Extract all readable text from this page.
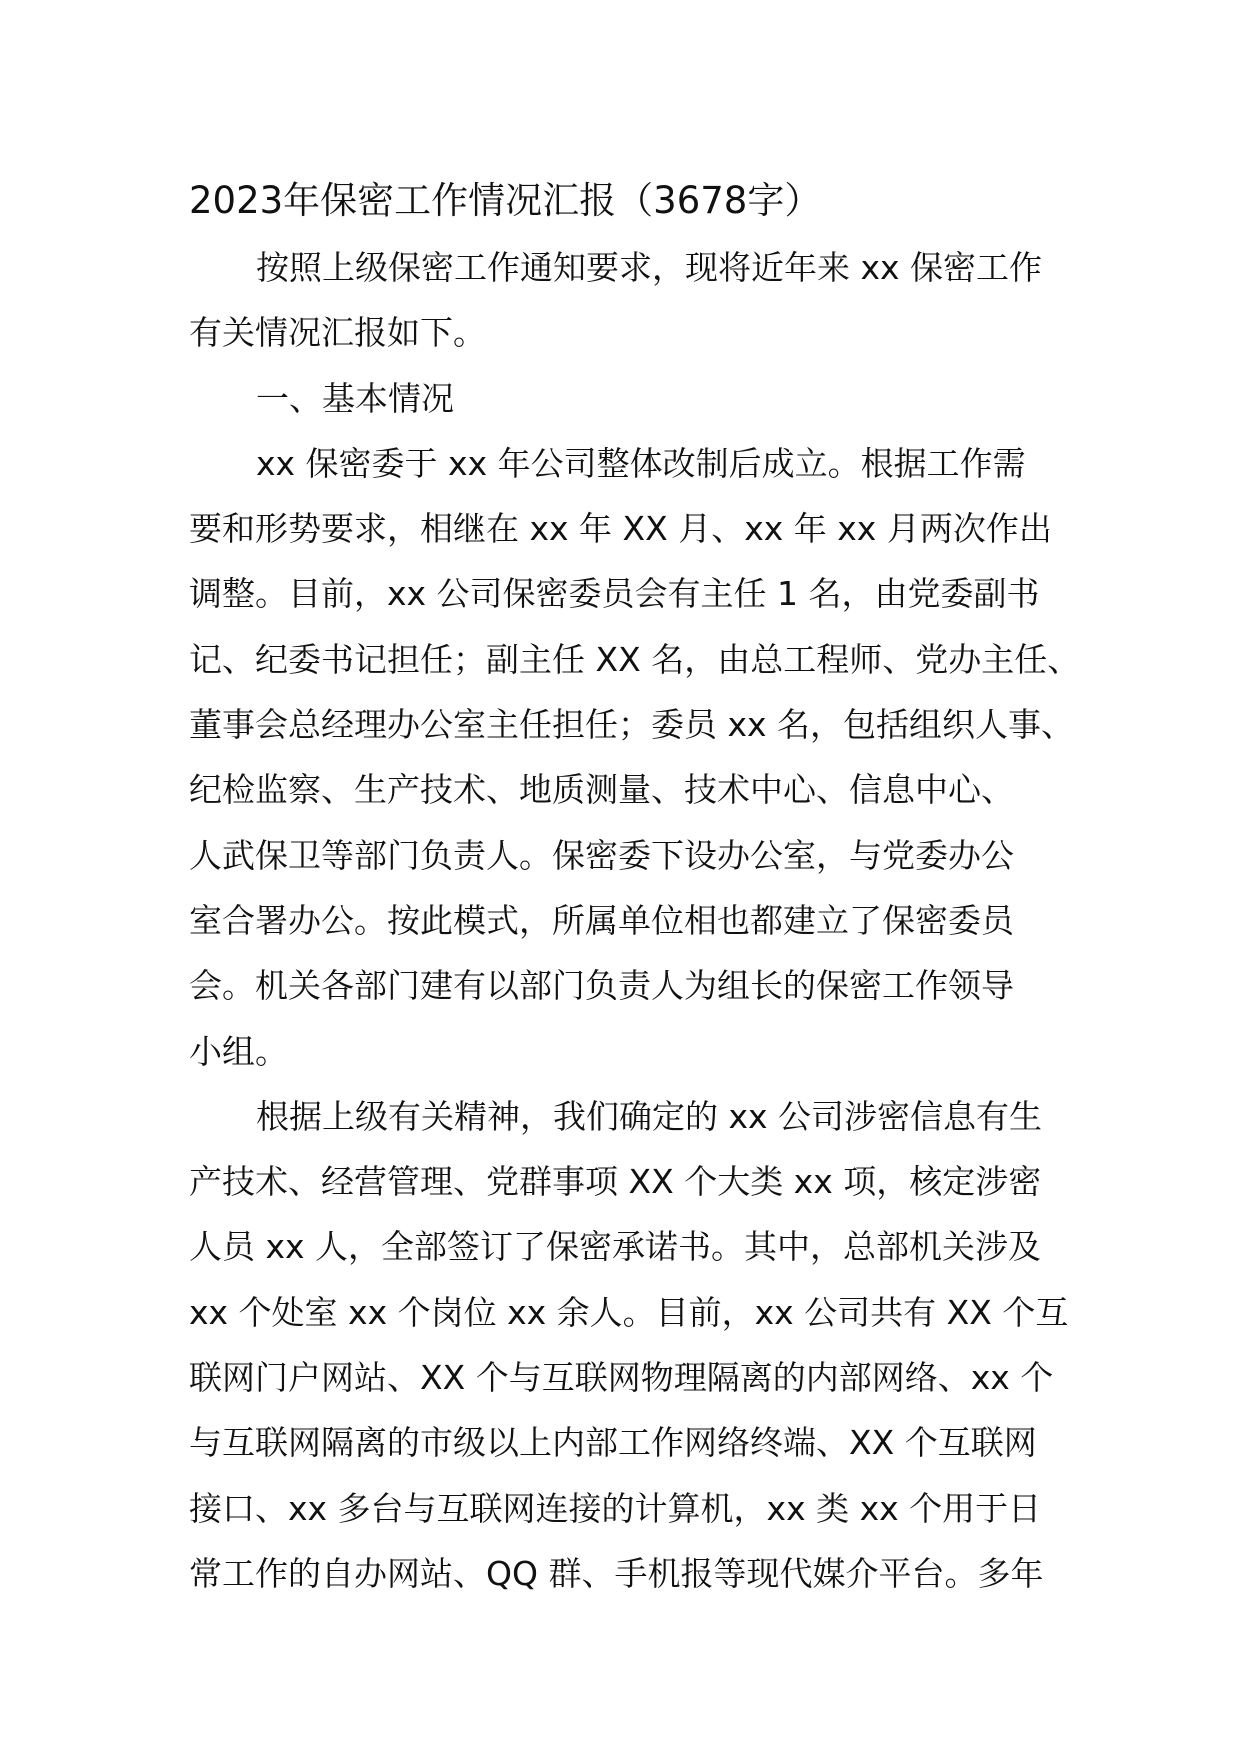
2023年保密工作情况汇报（3678字）
按照上级保密工作通知要求，现将近年来 xx 保密工作
有关情况汇报如下。
一、基本情况
xx 保密委于 xx 年公司整体改制后成立。根据工作需
要和形势要求，相继在 xx 年 XX 月、xx 年 xx 月两次作出
调整。目前，xx 公司保密委员会有主任 1 名，由党委副书
记、纪委书记担任；副主任 XX 名，由总工程师、党办主任、
董事会总经理办公室主任担任；委员 xx 名，包括组织人事、
纪检监察、生产技术、地质测量、技术中心、信息中心、
人武保卫等部门负责人。保密委下设办公室，与党委办公
室合署办公。按此模式，所属单位相也都建立了保密委员
会。机关各部门建有以部门负责人为组长的保密工作领导
小组。
根据上级有关精神，我们确定的 xx 公司涉密信息有生
产技术、经营管理、党群事项 XX 个大类 xx 项，核定涉密
人员 xx 人，全部签订了保密承诺书。其中，总部机关涉及
xx 个处室 xx 个岗位 xx 余人。目前，xx 公司共有 XX 个互
联网门户网站、XX 个与互联网物理隔离的内部网络、xx 个
与互联网隔离的市级以上内部工作网络终端、XX 个互联网
接口、xx 多台与互联网连接的计算机，xx 类 xx 个用于日
常工作的自办网站、QQ 群、手机报等现代媒介平台。多年
